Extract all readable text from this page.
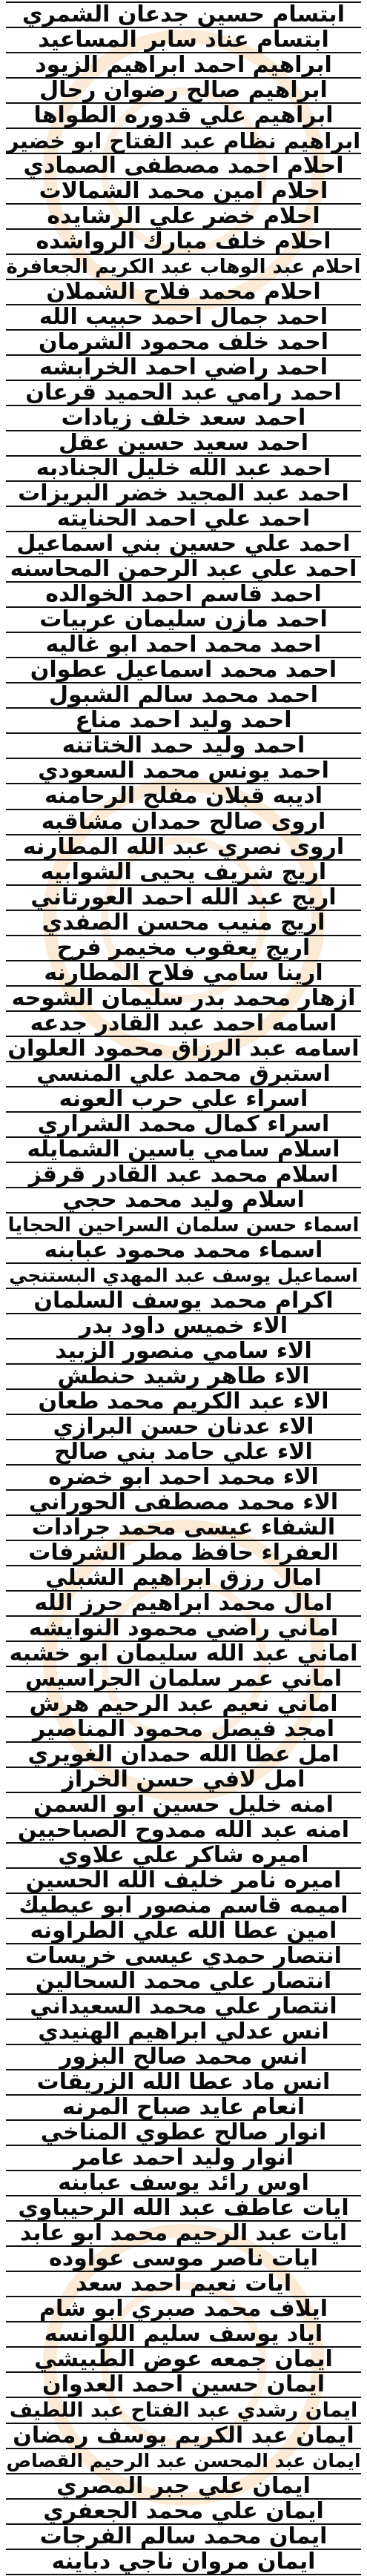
ابتسام حسين جدعان الشمري
ابتسام عناد سابر المساعيد
ابراهيم احمد ابراهيم الزيود
ابراهيم صالح رضوان رحال
ابراهيم علي قدوره الطواها
ابراهيم نظام عبد الفتاح ابو خضير
احلام احمد مصطفى الصمادي
احلام امين محمد الشمالات
احلام خضر علي الرشايده
احلام خلف مبارك الرواشده
احلام عبد الوهاب عبد الكريم الجعافرة
احلام محمد فلاح الشملان
احمد جمال احمد حبيب الله
احمد خلف محمود الشرمان
احمد راضي احمد الخرابشه
احمد رامي عبد الحميد قرعان
احمد سعد خلف زيادات
احمد سعيد حسين عقل
احمد عبد الله خليل الجنادبه
احمد عبد المجيد خضر البريزات
احمد علي احمد الحنايته
احمد علي حسين بني اسماعيل
احمد علي عبد الرحمن المحاسنه
احمد قاسم احمد الخوالده
احمد مازن سليمان عربيات
احمد محمد احمد ابو غاليه
احمد محمد اسماعيل عطوان
احمد محمد سالم الشبول
احمد وليد احمد مناع
احمد وليد حمد الختاتنه
احمد يونس محمد السعودي
اديبه قبلان مفلح الرحامنه
اروى صالح حمدان مشاقبه
اروى نصري عبد الله المطارنه
اريج شريف يحيى الشوابيه
اريج عبد الله احمد العورتاني
اريج منيب محسن الصفدي
اريج يعقوب مخيمر فرح
ارينا سامي فلاح المطارنه
ازهار محمد بدر سليمان الشوحه
اسامه احمد عبد القادر جدعه
اسامه عبد الرزاق محمود العلوان
استبرق محمد علي المنسي
اسراء علي حرب العونه
اسراء كمال محمد الشراري
اسلام سامي ياسين الشمايله
اسلام محمد عبد القادر قرقز
اسلام وليد محمد حجي
اسماء حسن سلمان السراحين الحجايا
اسماء محمد محمود عبابنه
اسماعيل يوسف عبد المهدي البستنجي
اكرام محمد يوسف السلمان
الاء خميس داود بدر
الاء سامي منصور الزبيد
الاء طاهر رشيد حنطش
الاء عبد الكريم محمد طعان
الاء عدنان حسن البرازي
الاء علي حامد بني صالح
الاء محمد احمد ابو خضره
الاء محمد مصطفى الحوراني
الشفاء عيسى محمد جرادات
العفراء حافظ مطر الشرفات
امال رزق ابراهيم الشبلي
امال محمد ابراهيم حرز الله
اماني راضي محمود النوايشه
اماني عبد الله سليمان ابو خشبه
اماني عمر سلمان الجراسيس
اماني نعيم عبد الرحيم هرش
امجد فيصل محمود المناصير
امل عطا الله حمدان الغويري
امل لافي حسن الخراز
امنه خليل حسين ابو السمن
امنه عبد الله ممدوح الصباحيين
اميره شاكر علي علاوي
اميره نامر خليف الله الحسين
اميمه قاسم منصور ابو عيطيك
امين عطا الله علي الطراونه
انتصار حمدي عيسى خريسات
انتصار علي محمد السحالين
انتصار علي محمد السعيداني
انس عدلي ابراهيم الهنيدي
انس محمد صالح البزور
انس ماد عطا الله الزريقات
انعام عايد صباح المرنه
انوار صالح عطوي المناخي
انوار وليد احمد عامر
اوس رائد يوسف عبابنه
ايات عاطف عبد الله الرحيباوي
ايات عبد الرحيم محمد ابو عابد
ايات ناصر موسى عواوده
ايات نعيم احمد سعد
ايلاف محمد صبري ابو شام
اياد يوسف سليم اللوانسه
ايمان جمعه عوض الطبيشي
ايمان حسين احمد العدوان
ايمان رشدي عبد الفتاح عبد اللطيف
ايمان عبد الكريم يوسف رمضان
ايمان عبد المحسن عبد الرحيم القصاص
ايمان علي جبر المصري
ايمان علي محمد الجعفري
ايمان محمد سالم الفرجات
ايمان مروان ناجي دباينه
